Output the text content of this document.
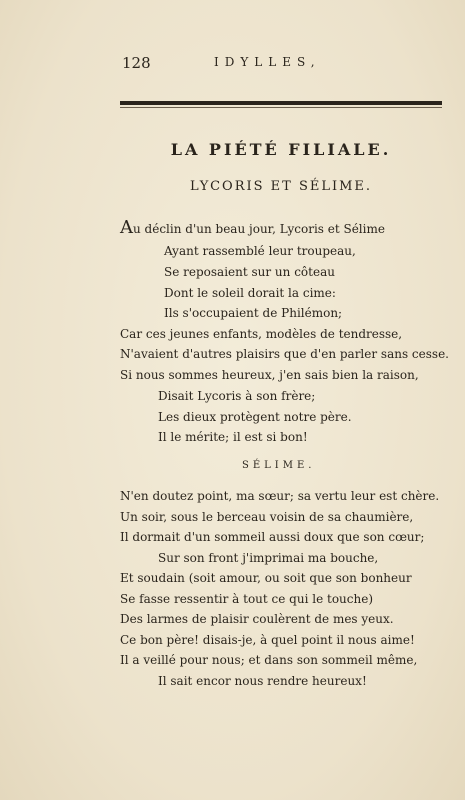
128	IDYLLES,
LA PIÉTÉ FILIALE.
LYCORIS ET SÉLIME.
Au déclin d'un beau jour, Lycoris et Sélime
Ayant rassemblé leur troupeau,
Se reposaient sur un côteau
Dont le soleil dorait la cime:
Ils s'occupaient de Philémon;
Car ces jeunes enfants, modèles de tendresse,
N'avaient d'autres plaisirs que d'en parler sans cesse.
Si nous sommes heureux, j'en sais bien la raison,
Disait Lycoris à son frère;
Les dieux protègent notre père.
Il le mérite; il est si bon!
SÉLIME.
N'en doutez point, ma sœur; sa vertu leur est chère.
Un soir, sous le berceau voisin de sa chaumière,
Il dormait d'un sommeil aussi doux que son cœur;
Sur son front j'imprimai ma bouche,
Et soudain (soit amour, ou soit que son bonheur
Se fasse ressentir à tout ce qui le touche)
Des larmes de plaisir coulèrent de mes yeux.
Ce bon père! disais-je, à quel point il nous aime!
Il a veillé pour nous; et dans son sommeil même,
Il sait encor nous rendre heureux!
